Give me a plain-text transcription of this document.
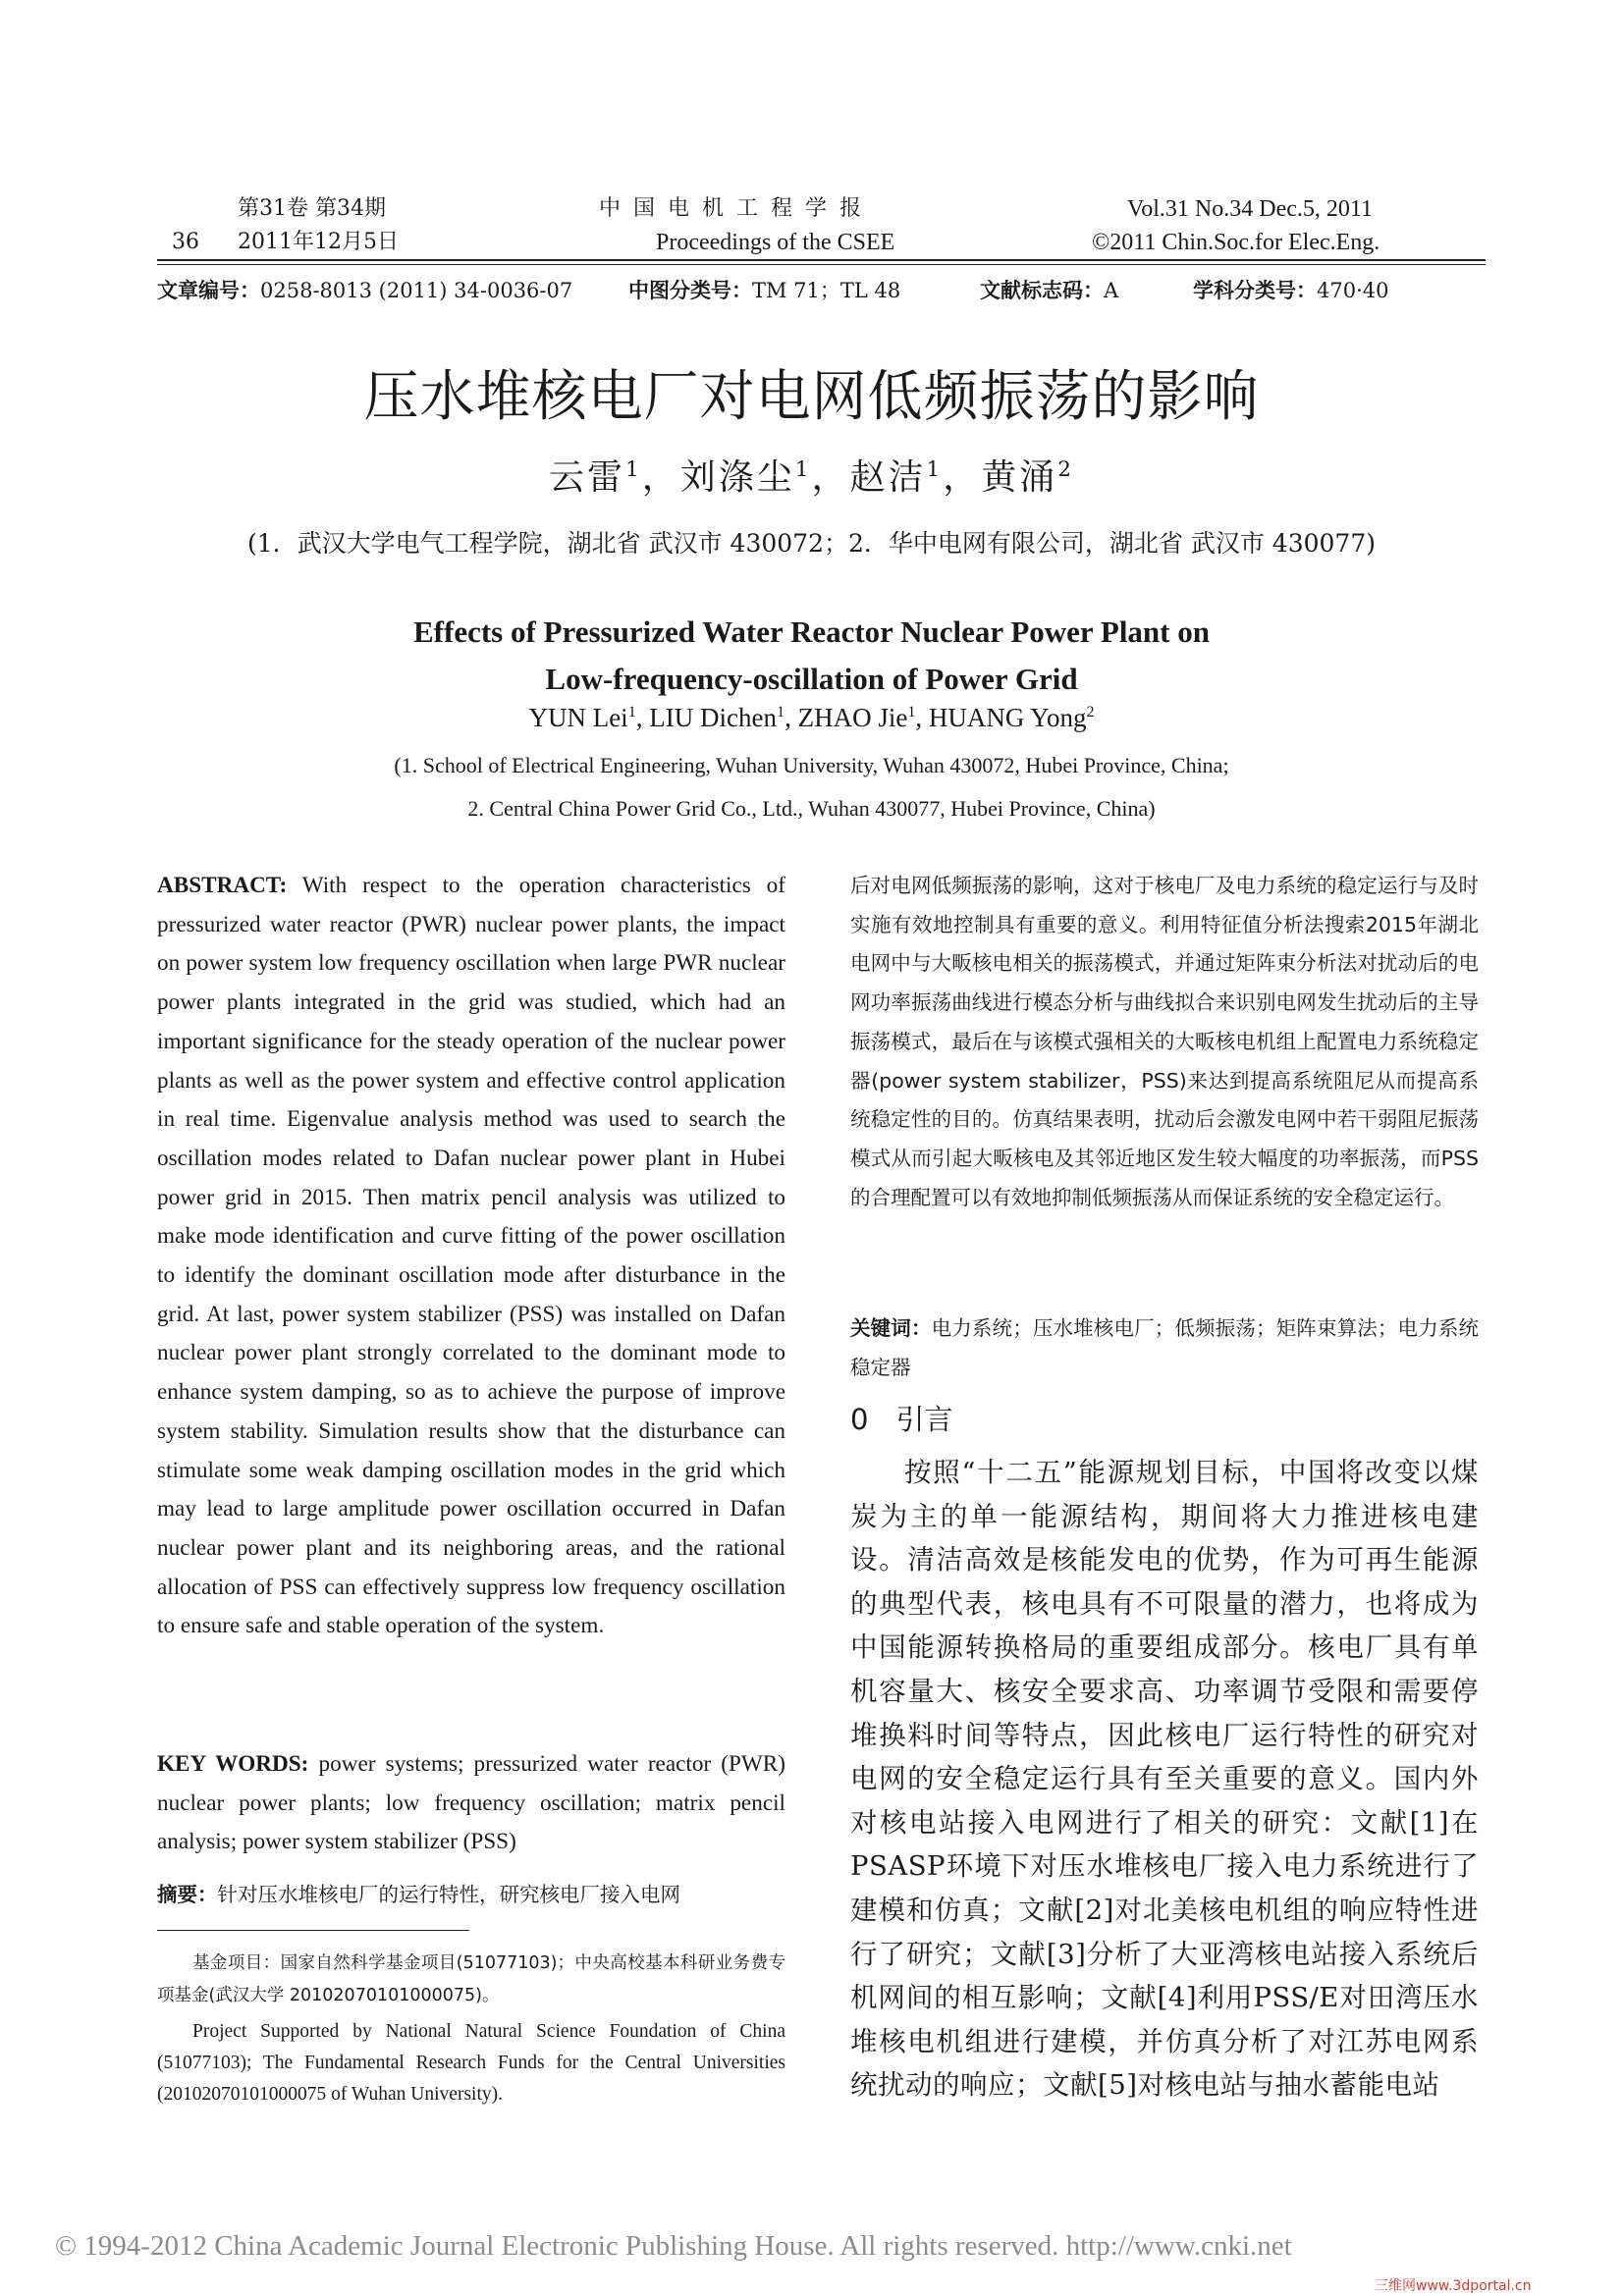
第31卷 第34期
36 2011年12月5日
中 国 电 机 工 程 学 报
Proceedings of the CSEE
Vol.31 No.34 Dec.5, 2011
©2011 Chin.Soc.for Elec.Eng.
文章编号：0258-8013 (2011) 34-0036-07	中图分类号：TM 71；TL 48	文献标志码：A	学科分类号：470·40
压水堆核电厂对电网低频振荡的影响
云雷$^1$，刘涤尘$^1$，赵洁$^1$，黄涌$^2$
(1．武汉大学电气工程学院，湖北省 武汉市 430072；2．华中电网有限公司，湖北省 武汉市 430077)
Effects of Pressurized Water Reactor Nuclear Power Plant on
Low-frequency-oscillation of Power Grid
YUN Lei$^1$, LIU Dichen$^1$, ZHAO Jie$^1$, HUANG Yong$^2$
(1. School of Electrical Engineering, Wuhan University, Wuhan 430072, Hubei Province, China;
2. Central China Power Grid Co., Ltd., Wuhan 430077, Hubei Province, China)
ABSTRACT: With respect to the operation characteristics of pressurized water reactor (PWR) nuclear power plants, the impact on power system low frequency oscillation when large PWR nuclear power plants integrated in the grid was studied, which had an important significance for the steady operation of the nuclear power plants as well as the power system and effective control application in real time. Eigenvalue analysis method was used to search the oscillation modes related to Dafan nuclear power plant in Hubei power grid in 2015. Then matrix pencil analysis was utilized to make mode identification and curve fitting of the power oscillation to identify the dominant oscillation mode after disturbance in the grid. At last, power system stabilizer (PSS) was installed on Dafan nuclear power plant strongly correlated to the dominant mode to enhance system damping, so as to achieve the purpose of improve system stability. Simulation results show that the disturbance can stimulate some weak damping oscillation modes in the grid which may lead to large amplitude power oscillation occurred in Dafan nuclear power plant and its neighboring areas, and the rational allocation of PSS can effectively suppress low frequency oscillation to ensure safe and stable operation of the system.
KEY WORDS: power systems; pressurized water reactor (PWR) nuclear power plants; low frequency oscillation; matrix pencil analysis; power system stabilizer (PSS)
摘要：针对压水堆核电厂的运行特性，研究核电厂接入电网
基金项目：国家自然科学基金项目(51077103)；中央高校基本科研业务费专项基金(武汉大学 20102070101000075)。
Project Supported by National Natural Science Foundation of China (51077103); The Fundamental Research Funds for the Central Universities (20102070101000075 of Wuhan University).
后对电网低频振荡的影响，这对于核电厂及电力系统的稳定运行与及时实施有效地控制具有重要的意义。利用特征值分析法搜索2015年湖北电网中与大畈核电相关的振荡模式，并通过矩阵束分析法对扰动后的电网功率振荡曲线进行模态分析与曲线拟合来识别电网发生扰动后的主导振荡模式，最后在与该模式强相关的大畈核电机组上配置电力系统稳定器(power system stabilizer，PSS)来达到提高系统阻尼从而提高系统稳定性的目的。仿真结果表明，扰动后会激发电网中若干弱阻尼振荡模式从而引起大畈核电及其邻近地区发生较大幅度的功率振荡，而PSS的合理配置可以有效地抑制低频振荡从而保证系统的安全稳定运行。
关键词：电力系统；压水堆核电厂；低频振荡；矩阵束算法；电力系统稳定器
0 引言
按照“十二五”能源规划目标，中国将改变以煤炭为主的单一能源结构，期间将大力推进核电建设。清洁高效是核能发电的优势，作为可再生能源的典型代表，核电具有不可限量的潜力，也将成为中国能源转换格局的重要组成部分。核电厂具有单机容量大、核安全要求高、功率调节受限和需要停堆换料时间等特点，因此核电厂运行特性的研究对电网的安全稳定运行具有至关重要的意义。国内外对核电站接入电网进行了相关的研究：文献[1]在PSASP环境下对压水堆核电厂接入电力系统进行了建模和仿真；文献[2]对北美核电机组的响应特性进行了研究；文献[3]分析了大亚湾核电站接入系统后机网间的相互影响；文献[4]利用PSS/E对田湾压水堆核电机组进行建模，并仿真分析了对江苏电网系统扰动的响应；文献[5]对核电站与抽水蓄能电站
© 1994-2012 China Academic Journal Electronic Publishing House. All rights reserved. http://www.cnki.net
三维网www.3dportal.cn
